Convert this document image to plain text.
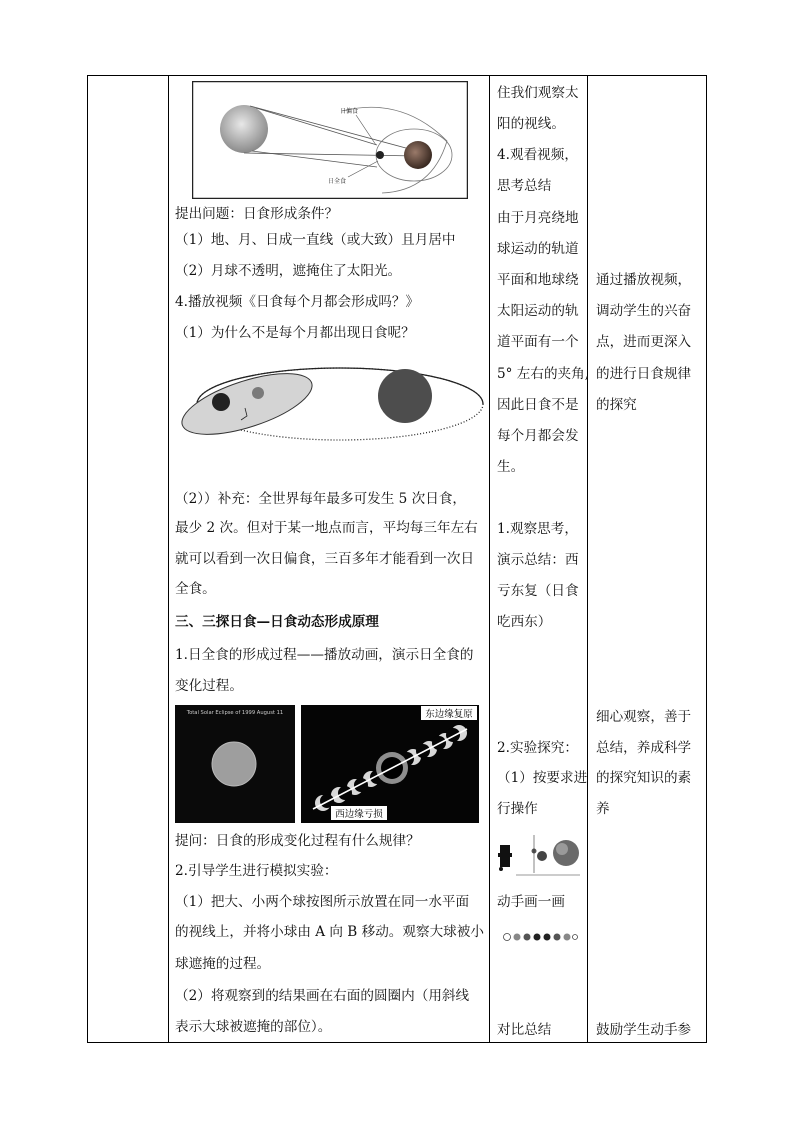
日偏食
日全食
提出问题：日食形成条件？
（1）地、月、日成一直线（或大致）且月居中
（2）月球不透明，遮掩住了太阳光。
4.播放视频《日食每个月都会形成吗？》
（1）为什么不是每个月都出现日食呢？
（2））补充：全世界每年最多可发生 5 次日食，
最少 2 次。但对于某一地点而言，平均每三年左右
就可以看到一次日偏食，三百多年才能看到一次日
全食。
三、三探日食—日食动态形成原理
1.日全食的形成过程——播放动画，演示日全食的
变化过程。
Total Solar Eclipse of 1999 August 11	东边缘复原
西边缘亏损
提问：日食的形成变化过程有什么规律？
2.引导学生进行模拟实验：
（1）把大、小两个球按图所示放置在同一水平面
的视线上，并将小球由 A 向 B 移动。观察大球被小
球遮掩的过程。
（2）将观察到的结果画在右面的圆圈内（用斜线
表示大球被遮掩的部位）。
住我们观察太
阳的视线。
4.观看视频，
思考总结
由于月亮绕地
球运动的轨道
平面和地球绕
太阳运动的轨
道平面有一个
5° 左右的夹角,
因此日食不是
每个月都会发
生。
1.观察思考，
演示总结：西
亏东复（日食
吃西东）
2.实验探究：
（1）按要求进
行操作
动手画一画
对比总结
通过播放视频，
调动学生的兴奋
点，进而更深入
的进行日食规律
的探究
细心观察，善于
总结，养成科学
的探究知识的素
养
鼓励学生动手参
